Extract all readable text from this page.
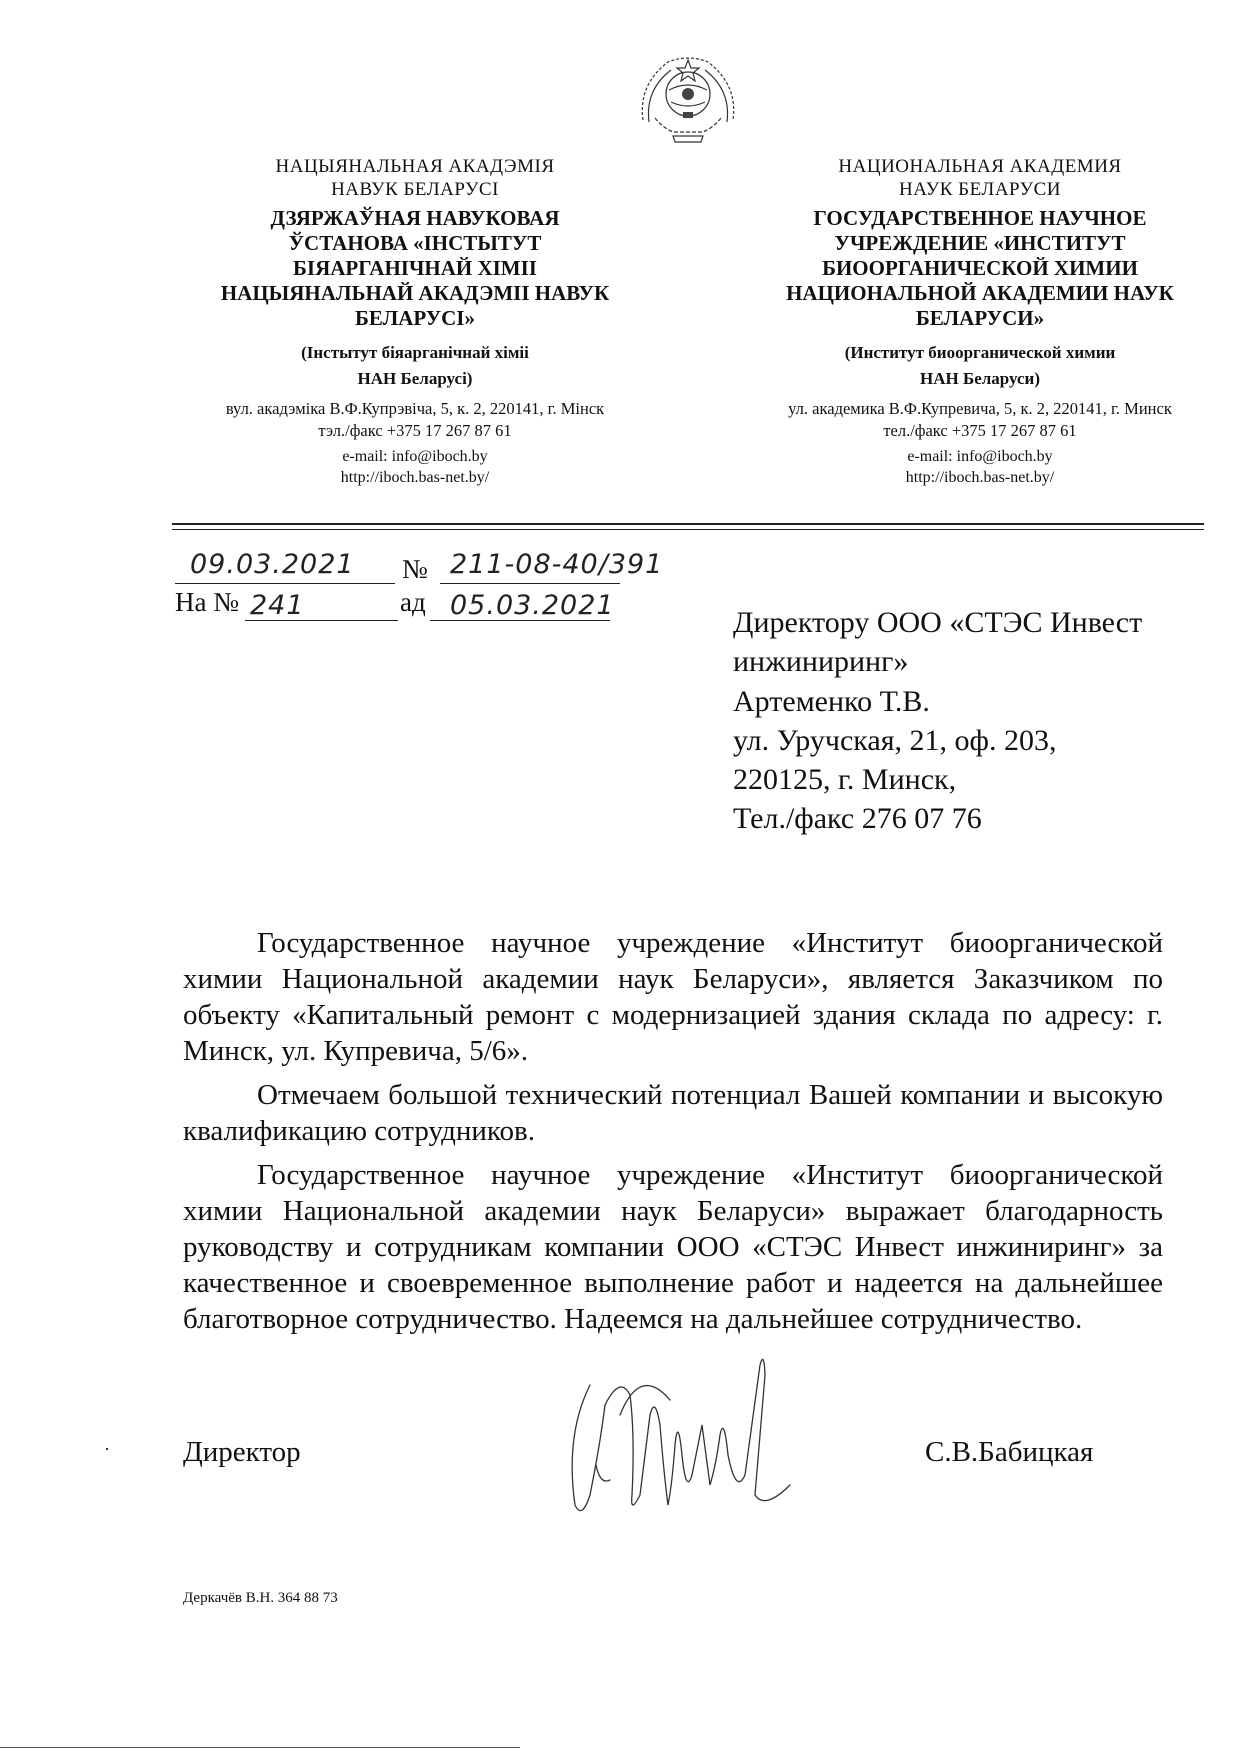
НАЦЫЯНАЛЬНАЯ АКАДЭМІЯ
НАВУК БЕЛАРУСІ
ДЗЯРЖАЎНАЯ НАВУКОВАЯ
ЎСТАНОВА «ІНСТЫТУТ
БІЯАРГАНІЧНАЙ ХІМІІ
НАЦЫЯНАЛЬНАЙ АКАДЭМІІ НАВУК
БЕЛАРУСІ»
(Інстытут біяарганічнай хіміі
НАН Беларусі)
вул. акадэміка В.Ф.Купрэвіча, 5, к. 2, 220141, г. Мінск
тэл./факс +375 17 267 87 61
e-mail: info@iboch.by
http://iboch.bas-net.by/
НАЦИОНАЛЬНАЯ АКАДЕМИЯ
НАУК БЕЛАРУСИ
ГОСУДАРСТВЕННОЕ НАУЧНОЕ
УЧРЕЖДЕНИЕ «ИНСТИТУТ
БИООРГАНИЧЕСКОЙ ХИМИИ
НАЦИОНАЛЬНОЙ АКАДЕМИИ НАУК
БЕЛАРУСИ»
(Институт биоорганической химии
НАН Беларуси)
ул. академика В.Ф.Купревича, 5, к. 2, 220141, г. Минск
тел./факс +375 17 267 87 61
e-mail: info@iboch.by
http://iboch.bas-net.by/
09.03.2021 № 211-08-40/391
На № 241	ад 05.03.2021
Директору ООО «СТЭС Инвест
инжиниринг»
Артеменко Т.В.
ул. Уручская, 21, оф. 203,
220125, г. Минск,
Тел./факс 276 07 76

Государственное научное учреждение «Институт биоорганической химии Национальной академии наук Беларуси», является Заказчиком по объекту «Капитальный ремонт с модернизацией здания склада по адресу: г. Минск, ул. Купревича, 5/6».

Отмечаем большой технический потенциал Вашей компании и высокую квалификацию сотрудников.

Государственное научное учреждение «Институт биоорганической химии Национальной академии наук Беларуси» выражает благодарность руководству и сотрудникам компании ООО «СТЭС Инвест инжиниринг» за качественное и своевременное выполнение работ и надеется на дальнейшее благотворное сотрудничество. Надеемся на дальнейшее сотрудничество.

Директор	С.В.Бабицкая
Деркачёв В.Н. 364 88 73
